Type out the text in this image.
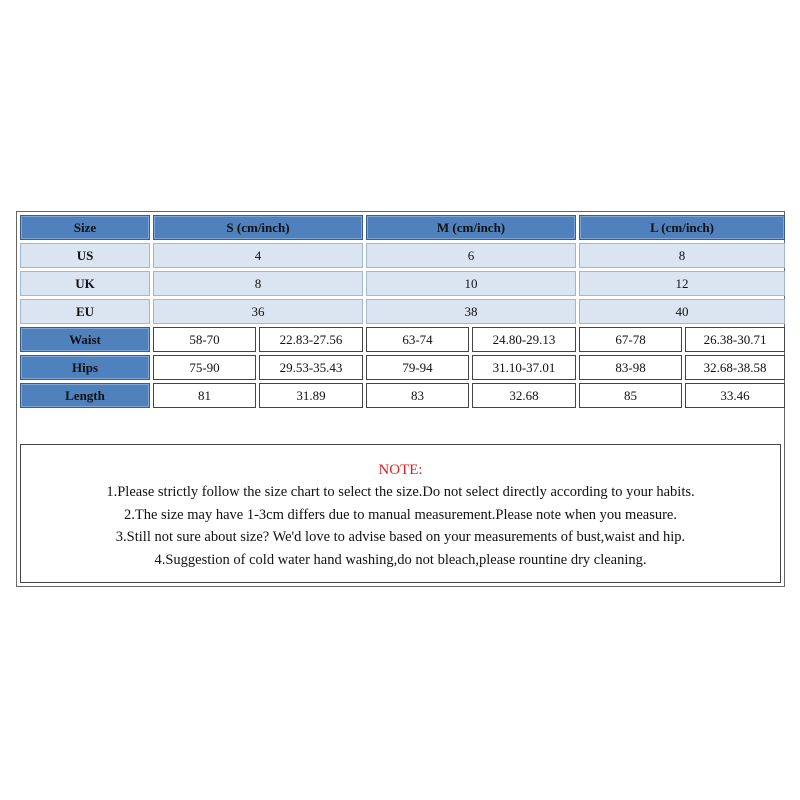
Size	S (cm/inch)		M (cm/inch)		L (cm/inch)	
US	4		6		8	
UK	8		10		12	
EU	36		38		40	
Waist	58-70	22.83-27.56	63-74	24.80-29.13	67-78	26.38-30.71
Hips	75-90	29.53-35.43	79-94	31.10-37.01	83-98	32.68-38.58
Length	81	31.89	83	32.68	85	33.46
NOTE:
1.Please strictly follow the size chart to select the size.Do not select directly according to your habits.
2.The size may have 1-3cm differs due to manual measurement.Please note when you measure.
3.Still not sure about size? We'd love to advise based on your measurements of bust,waist and hip.
4.Suggestion of cold water hand washing,do not bleach,please rountine dry cleaning.
